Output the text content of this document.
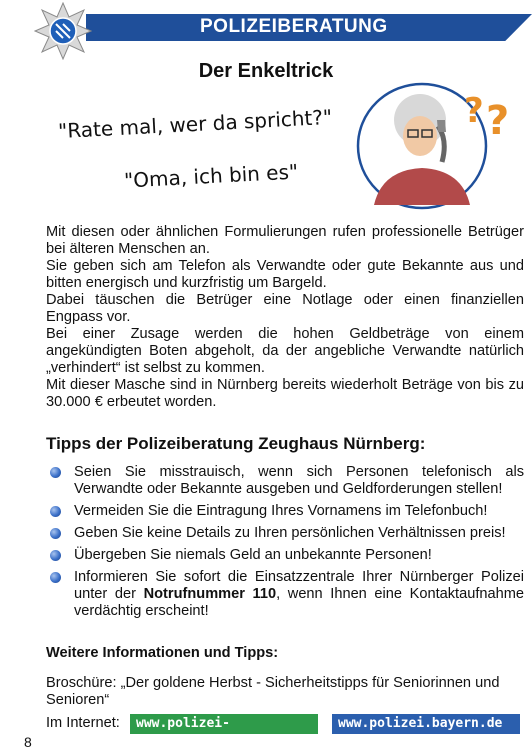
POLIZEIBERATUNG
Der Enkeltrick
"Rate mal, wer da spricht?"
"Oma, ich bin es"
? ?

Mit diesen oder ähnlichen Formulierungen rufen professionelle Betrüger bei älteren Menschen an.

Sie geben sich am Telefon als Verwandte oder gute Bekannte aus und bitten energisch und kurzfristig um Bargeld.

Dabei täuschen die Betrüger eine Notlage oder einen finanziellen Engpass vor.

Bei einer Zusage werden die hohen Geldbeträge von einem angekündigten Boten abgeholt, da der angebliche Verwandte natürlich „verhindert“ ist selbst zu kommen.

Mit dieser Masche sind in Nürnberg bereits wiederholt Beträge von bis zu 30.000 € erbeutet worden.

Tipps der Polizeiberatung Zeughaus Nürnberg:
Seien Sie misstrauisch, wenn sich Personen telefonisch als Verwandte oder Bekannte ausgeben und Geldforderungen stellen!
Vermeiden Sie die Eintragung Ihres Vornamens im Telefonbuch!
Geben Sie keine Details zu Ihren persönlichen Verhältnissen preis!
Übergeben Sie niemals Geld an unbekannte Personen!
Informieren Sie sofort die Einsatzzentrale Ihrer Nürnberger Polizei unter der Notrufnummer 110, wenn Ihnen eine Kontaktaufnahme verdächtig erscheint!
Weitere Informationen und Tipps:
Broschüre: „Der goldene Herbst - Sicherheitstipps für Seniorinnen und Senioren“
Im Internet:	www.polizei-beratung.de
www.polizei.bayern.de
8
